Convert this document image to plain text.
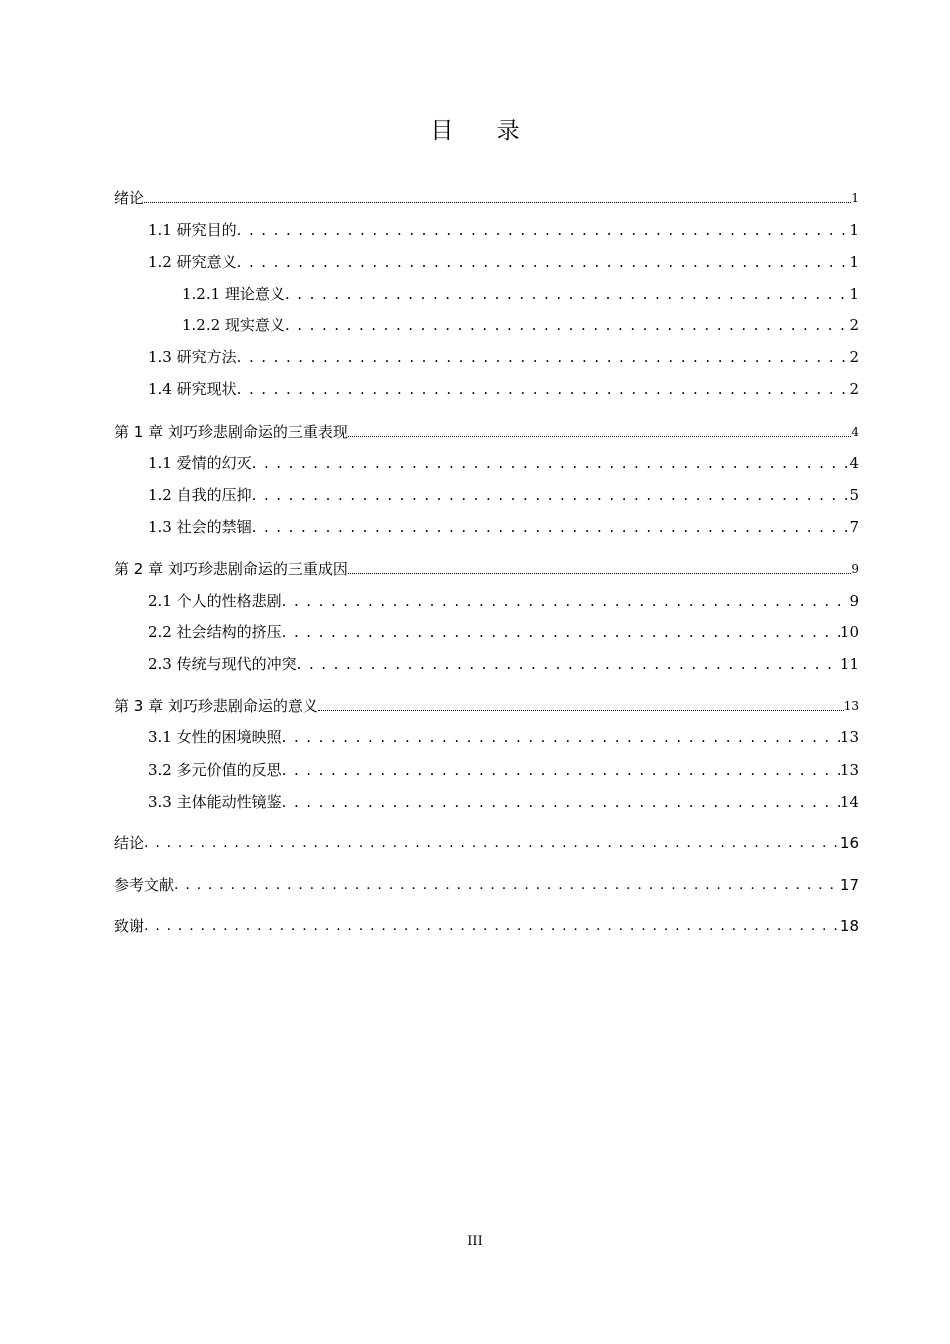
目 录
绪论	1
1.1 研究目的 . . .	1
1.2 研究意义 . . .	1
1.2.1 理论意义 . . .	1
1.2.2 现实意义 . . .	2
1.3 研究方法 . . .	2
1.4 研究现状 . . .	2
第 1 章 刘巧珍悲剧命运的三重表现	4
1.1 爱情的幻灭 . . .	4
1.2 自我的压抑 . . .	5
1.3 社会的禁锢 . . .	7
第 2 章 刘巧珍悲剧命运的三重成因	9
2.1 个人的性格悲剧 . . .	9
2.2 社会结构的挤压 . . .	10
2.3 传统与现代的冲突 . . .	11
第 3 章 刘巧珍悲剧命运的意义	13
3.1 女性的困境映照 . . .	13
3.2 多元价值的反思 . . .	13
3.3 主体能动性镜鉴 . . .	14
结论 . . .	16
参考文献 . . .	17
致谢 . . .	18
III
